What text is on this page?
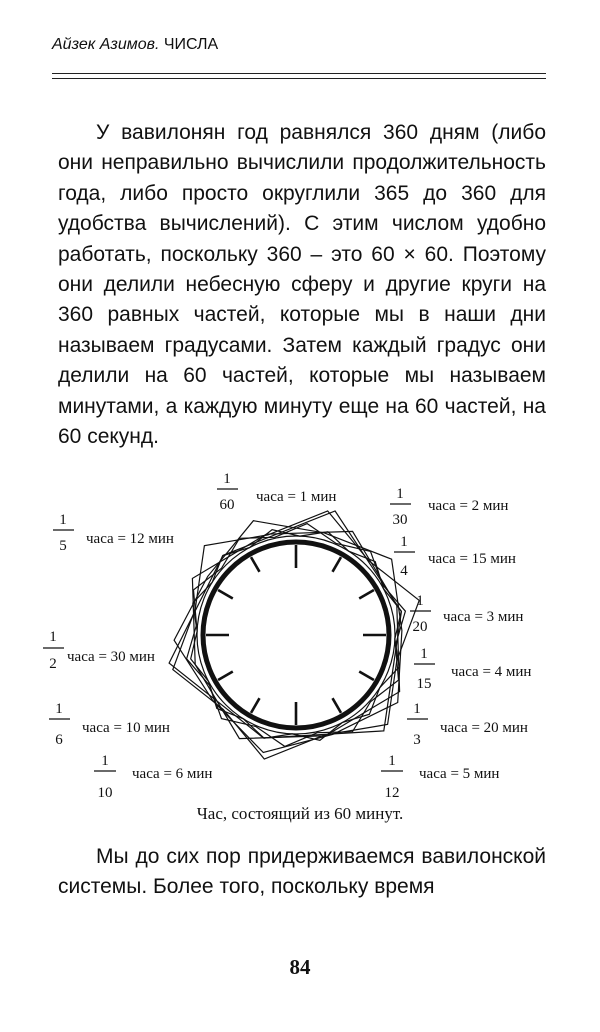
Айзек Азимов. ЧИСЛА

У вавилонян год равнялся 360 дням (либо они неправильно вычислили продолжительность года, либо просто округлили 365 до 360 для удобства вычислений). С этим числом удобно работать, поскольку 360 – это 60 × 60. Поэтому они делили небесную сферу и другие круги на 360 равных частей, которые мы в наши дни называем градусами. Затем каждый градус они делили на 60 частей, которые мы называем минутами, а каждую минуту еще на 60 частей, на 60 секунд.

1
60 часа = 1 мин	1
30
часа = 2 мин
1
5 часа = 12 мин	1
4
часа = 15 мин
1
20
часа = 3 мин
1
2 часа = 30 мин	1
15
часа = 4 мин
1
6
часа = 10 мин
1
3
часа = 20 мин
1
10
часа = 6 мин
1
12
часа = 5 мин
Час, состоящий из 60 минут.

Мы до сих пор придерживаемся вавилонской системы. Более того, поскольку время

84
